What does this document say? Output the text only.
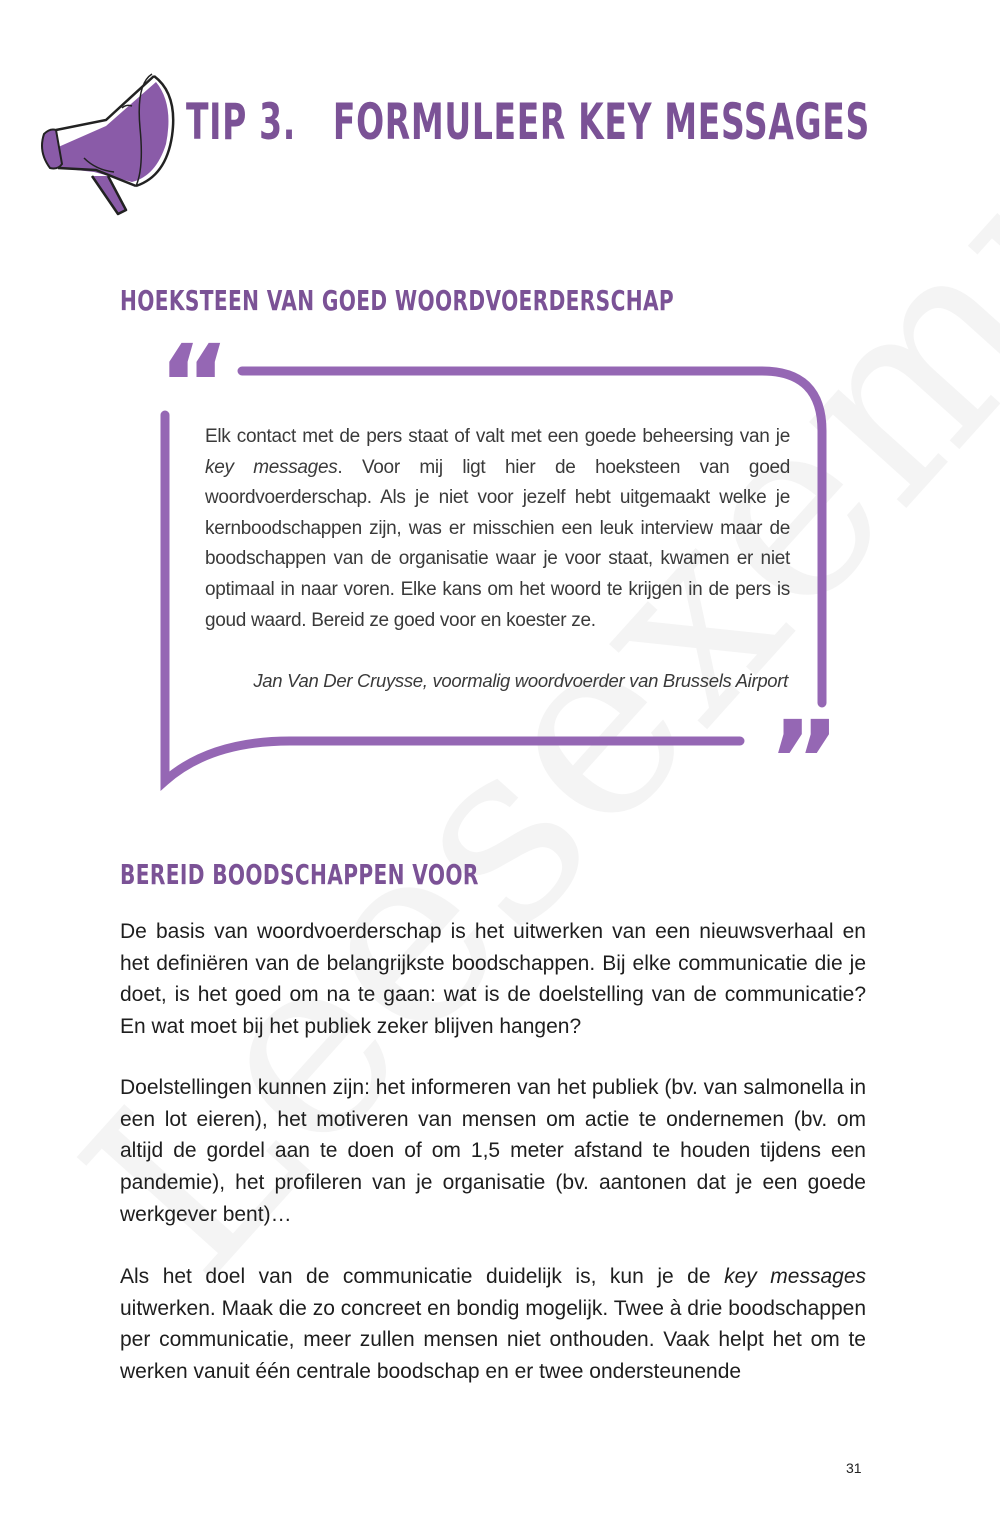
TIP 3. FORMULEER KEY MESSAGES
HOEKSTEEN VAN GOED WOORDVOERDERSCHAP
“
”

Elk contact met de pers staat of valt met een goede beheersing van je key messages. Voor mij ligt hier de hoeksteen van goed woordvoerderschap. Als je niet voor jezelf hebt uitgemaakt welke je kernboodschappen zijn, was er misschien een leuk interview maar de boodschappen van de organisatie waar je voor staat, kwamen er niet optimaal in naar voren. Elke kans om het woord te krijgen in de pers is goud waard. Bereid ze goed voor en koester ze.

Jan Van Der Cruysse, voormalig woordvoerder van Brussels Airport

BEREID BOODSCHAPPEN VOOR

De basis van woordvoerderschap is het uitwerken van een nieuwsverhaal en het definiëren van de belangrijkste boodschappen. Bij elke communicatie die je doet, is het goed om na te gaan: wat is de doelstelling van de communicatie? En wat moet bij het publiek zeker blijven hangen?

Doelstellingen kunnen zijn: het informeren van het publiek (bv. van salmonella in een lot eieren), het motiveren van mensen om actie te ondernemen (bv. om altijd de gordel aan te doen of om 1,5 meter afstand te houden tijdens een pandemie), het profileren van je organisatie (bv. aantonen dat je een goede werkgever bent)…

Als het doel van de communicatie duidelijk is, kun je de key messages uitwerken. Maak die zo concreet en bondig mogelijk. Twee à drie boodschappen per communicatie, meer zullen mensen niet onthouden. Vaak helpt het om te werken vanuit één centrale boodschap en er twee ondersteunende

31
